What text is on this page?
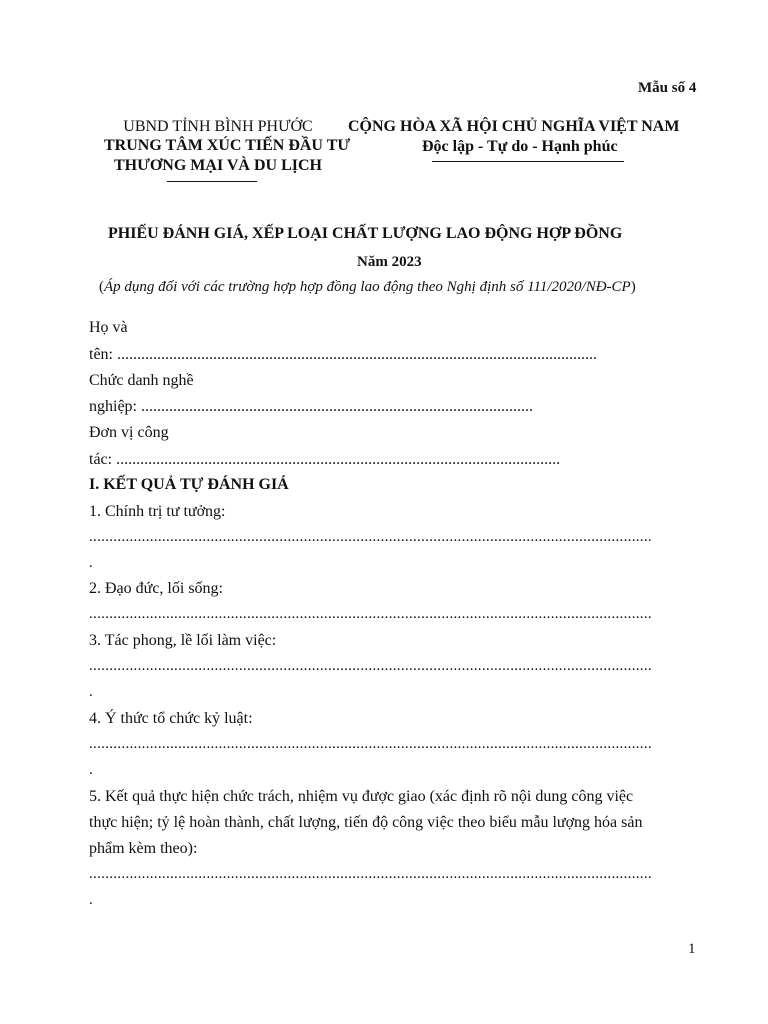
Mẫu số 4
UBND TỈNH BÌNH PHƯỚC
TRUNG TÂM XÚC TIẾN ĐẦU TƯ
THƯƠNG MẠI VÀ DU LỊCH
CỘNG HÒA XÃ HỘI CHỦ NGHĨA VIỆT NAM
Độc lập - Tự do - Hạnh phúc
PHIẾU ĐÁNH GIÁ, XẾP LOẠI CHẤT LƯỢNG LAO ĐỘNG HỢP ĐỒNG
Năm 2023
(Áp dụng đối với các trường hợp hợp đồng lao động theo Nghị định số 111/2020/NĐ-CP)
Họ và
tên: ........................................................................................................................
Chức danh nghề
nghiệp: ..................................................................................................
Đơn vị công
tác: ...............................................................................................................
I. KẾT QUẢ TỰ ĐÁNH GIÁ
1. Chính trị tư tưởng:
...........................................................................................................................................
.
2. Đạo đức, lối sống:
...........................................................................................................................................
3. Tác phong, lề lối làm việc:
...........................................................................................................................................
.
4. Ý thức tổ chức kỷ luật:
...........................................................................................................................................
.
5. Kết quả thực hiện chức trách, nhiệm vụ được giao (xác định rõ nội dung công việc
thực hiện; tỷ lệ hoàn thành, chất lượng, tiến độ công việc theo biểu mẫu lượng hóa sản
phẩm kèm theo):
...........................................................................................................................................
.
1
